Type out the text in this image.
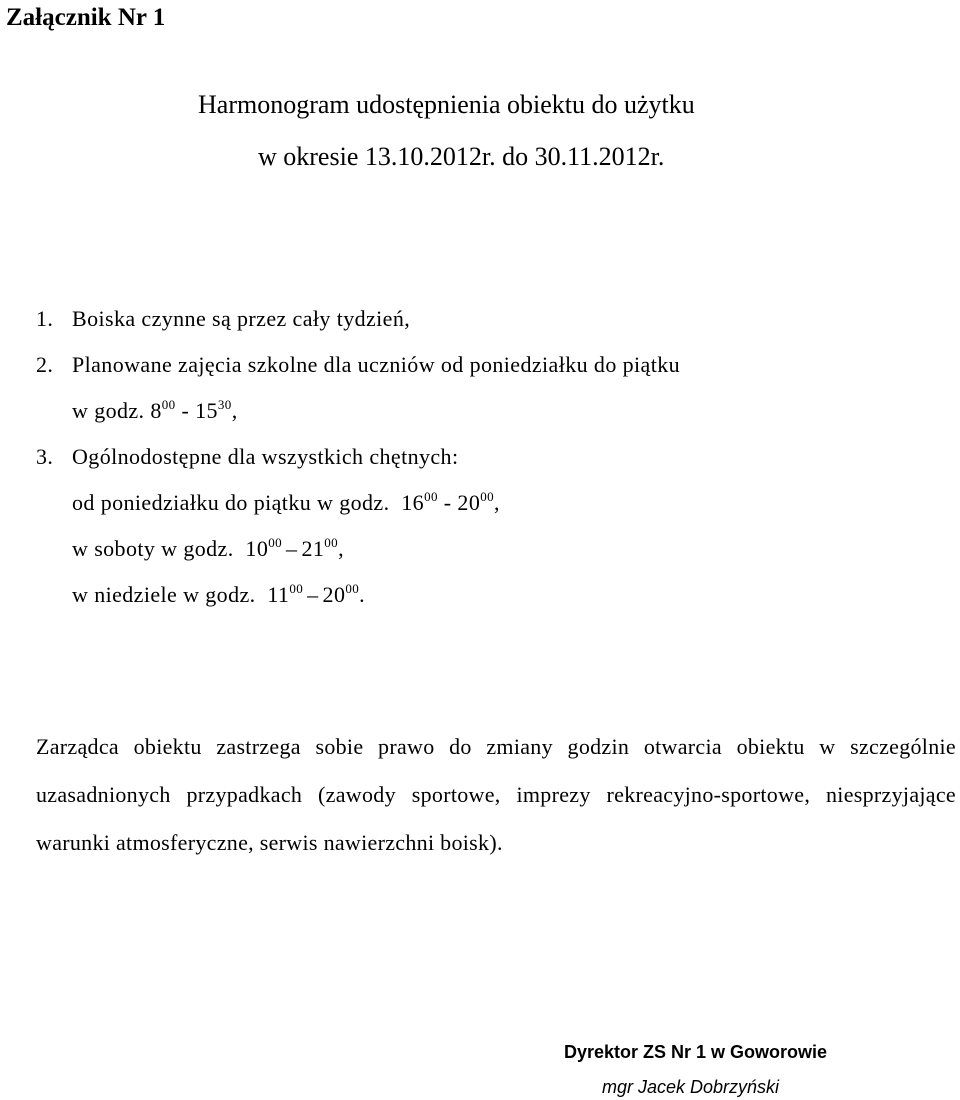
Załącznik Nr 1

Harmonogram udostępnienia obiektu do użytku
w okresie 13.10.2012r. do 30.11.2012r.
1. Boiska czynne są przez cały tydzień,
2. Planowane zajęcia szkolne dla uczniów od poniedziałku do piątku
w godz. $8^{00} - 15^{30}$,
3. Ogólnodostępne dla wszystkich chętnych:
od poniedziałku do piątku w godz.  $16^{00} - 20^{00}$,
w soboty w godz.  $10^{00} - 21^{00}$,
w niedziele w godz.  $11^{00} - 20^{00}$.

Zarządca obiektu zastrzega sobie prawo do zmiany godzin otwarcia obiektu w szczególnie uzasadnionych przypadkach (zawody sportowe, imprezy rekreacyjno-sportowe, niesprzyjające warunki atmosferyczne, serwis nawierzchni boisk).

Dyrektor ZS Nr 1 w Goworowie

mgr Jacek Dobrzyński
